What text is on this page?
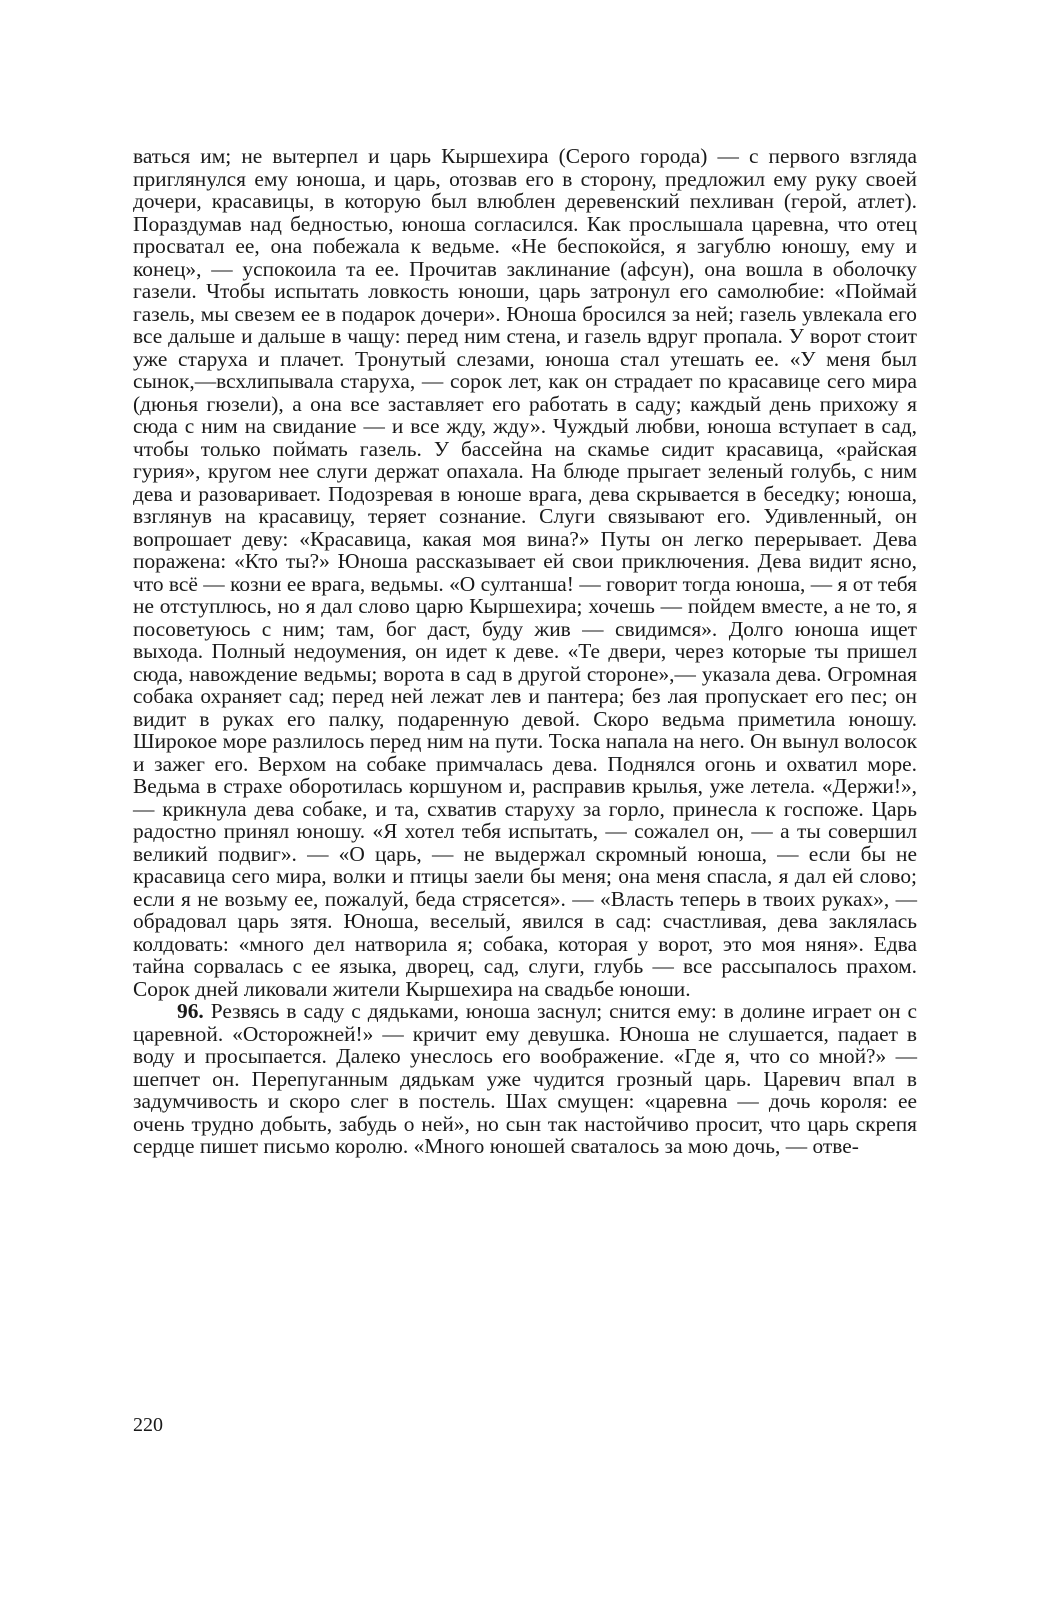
ваться им; не вытерпел и царь Кыршехира (Серого города) — с первого взгляда приглянулся ему юноша, и царь, отозвав его в сторону, предложил ему руку своей дочери, красавицы, в которую был влюблен деревенский пехливан (герой, атлет). Пораздумав над бедностью, юноша согласился. Как прослышала царевна, что отец просватал ее, она побежала к ведьме. «Не беспокойся, я загублю юношу, ему и конец», — успокоила та ее. Прочитав заклинание (афсун), она вошла в оболочку газели. Чтобы испытать ловкость юноши, царь затронул его самолюбие: «Поймай газель, мы свезем ее в подарок дочери». Юноша бросился за ней; газель увлекала его все дальше и дальше в чащу: перед ним стена, и газель вдруг пропала. У ворот стоит уже старуха и плачет. Тронутый слезами, юноша стал утешать ее. «У меня был сынок,—всхлипывала старуха, — сорок лет, как он страдает по красавице сего мира (дюнья гюзели), а она все заставляет его работать в саду; каждый день прихожу я сюда с ним на свидание — и все жду, жду». Чуждый любви, юноша вступает в сад, чтобы только поймать газель. У бассейна на скамье сидит красавица, «райская гурия», кругом нее слуги держат опахала. На блюде прыгает зеленый голубь, с ним дева и разоваривает. Подозревая в юноше врага, дева скрывается в беседку; юноша, взглянув на красавицу, теряет сознание. Слуги связывают его. Удивленный, он вопрошает деву: «Красавица, какая моя вина?» Путы он легко перерывает. Дева поражена: «Кто ты?» Юноша рассказывает ей свои приключения. Дева видит ясно, что всё — козни ее врага, ведьмы. «О султанша! — говорит тогда юноша, — я от тебя не отступлюсь, но я дал слово царю Кыршехира; хочешь — пойдем вместе, а не то, я посоветуюсь с ним; там, бог даст, буду жив — свидимся». Долго юноша ищет выхода. Полный недоумения, он идет к деве. «Те двери, через которые ты пришел сюда, навождение ведьмы; ворота в сад в другой стороне»,— указала дева. Огромная собака охраняет сад; перед ней лежат лев и пантера; без лая пропускает его пес; он видит в руках его палку, подаренную девой. Скоро ведьма приметила юношу. Широкое море разлилось перед ним на пути. Тоска напала на него. Он вынул волосок и зажег его. Верхом на собаке примчалась дева. Поднялся огонь и охватил море. Ведьма в страхе оборотилась коршуном и, расправив крылья, уже летела. «Держи!», — крикнула дева собаке, и та, схватив старуху за горло, принесла к госпоже. Царь радостно принял юношу. «Я хотел тебя испытать, — сожалел он, — а ты совершил великий подвиг». — «О царь, — не выдержал скромный юноша, — если бы не красавица сего мира, волки и птицы заели бы меня; она меня спасла, я дал ей слово; если я не возьму ее, пожалуй, беда стрясется». — «Власть теперь в твоих руках», — обрадовал царь зятя. Юноша, веселый, явился в сад: счастливая, дева заклялась колдовать: «много дел натворила я; собака, которая у ворот, это моя няня». Едва тайна сорвалась с ее языка, дворец, сад, слуги, глубь — все рассыпалось прахом. Сорок дней ликовали жители Кыршехира на свадьбе юноши.

96. Резвясь в саду с дядьками, юноша заснул; снится ему: в долине играет он с царевной. «Осторожней!» — кричит ему девушка. Юноша не слушается, падает в воду и просыпается. Далеко унеслось его воображение. «Где я, что со мной?» — шепчет он. Перепуганным дядькам уже чудится грозный царь. Царевич впал в задумчивость и скоро слег в постель. Шах смущен: «царевна — дочь короля: ее очень трудно добыть, забудь о ней», но сын так настойчиво просит, что царь скрепя сердце пишет письмо королю. «Много юношей сваталось за мою дочь, — отве-

220
